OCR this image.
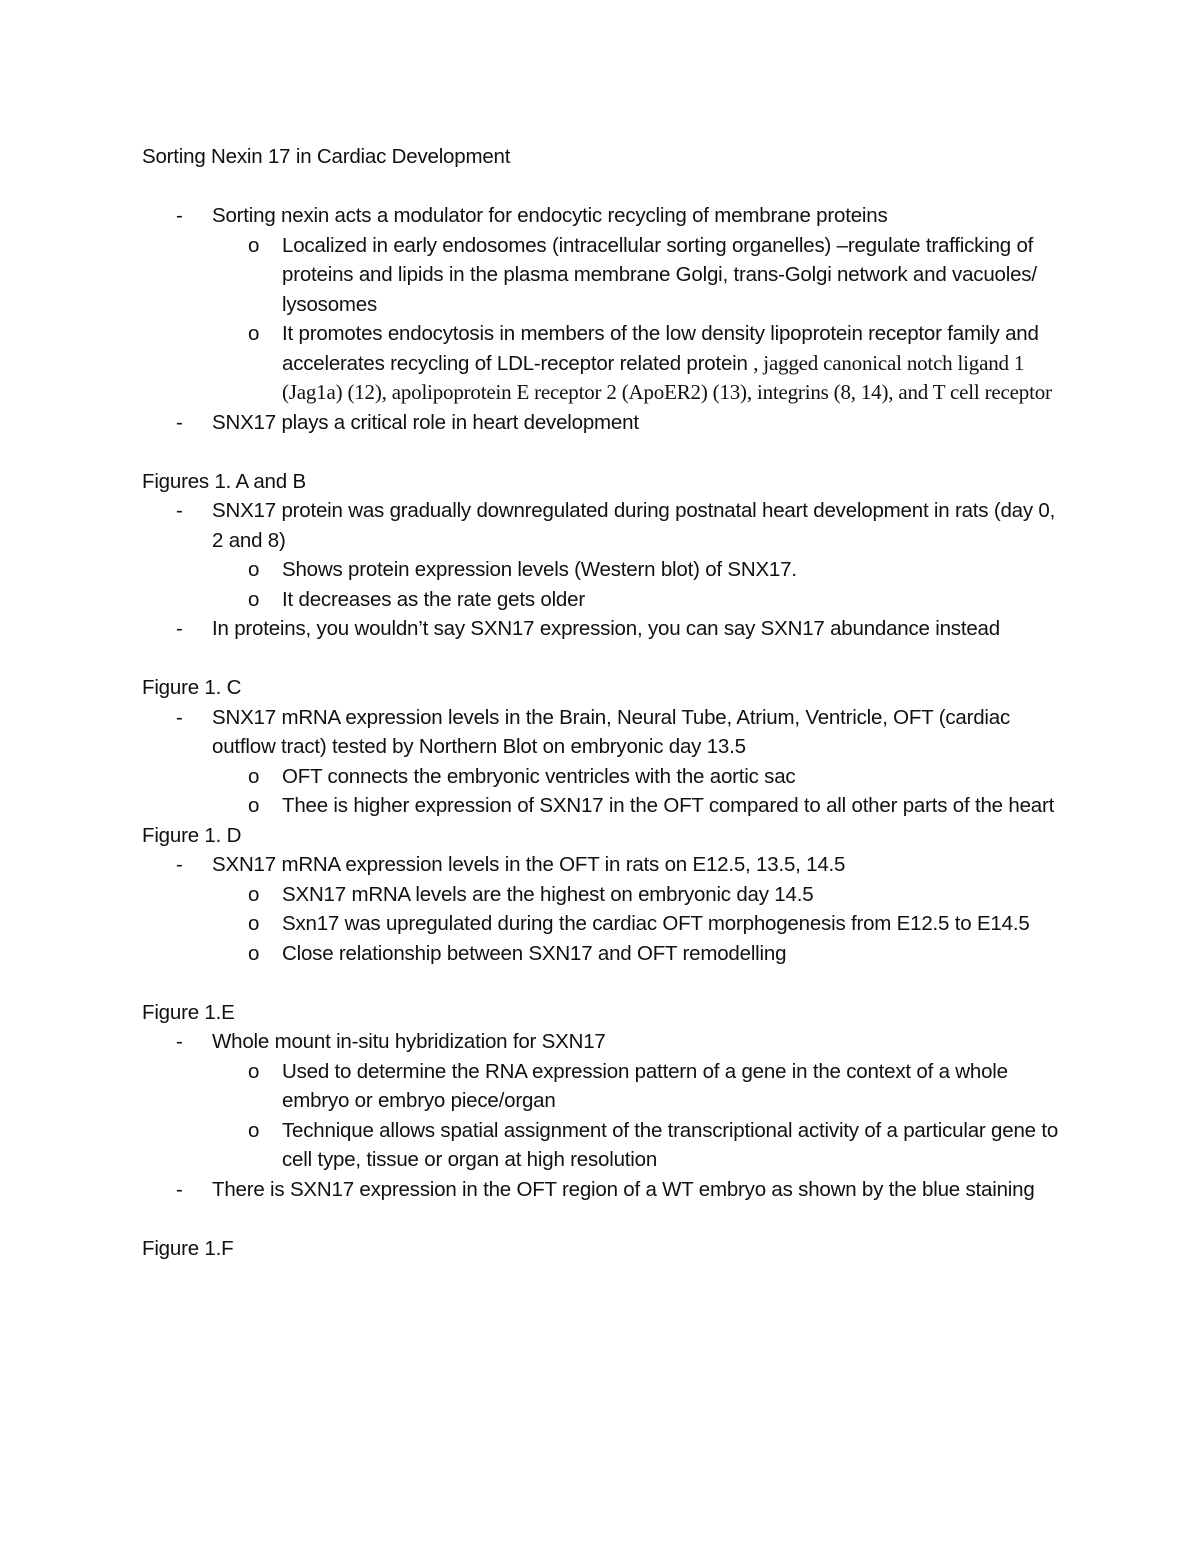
Sorting Nexin 17 in Cardiac Development
- Sorting nexin acts a modulator for endocytic recycling of membrane proteins
o Localized in early endosomes (intracellular sorting organelles) –regulate trafficking of proteins and lipids in the plasma membrane Golgi, trans-Golgi network and vacuoles/ lysosomes
o It promotes endocytosis in members of the low density lipoprotein receptor family and accelerates recycling of LDL-receptor related protein , jagged canonical notch ligand 1 (Jag1a) (12), apolipoprotein E receptor 2 (ApoER2) (13), integrins (8, 14), and T cell receptor
- SNX17 plays a critical role in heart development
Figures 1. A and B
- SNX17 protein was gradually downregulated during postnatal heart development in rats (day 0, 2 and 8)
o Shows protein expression levels (Western blot) of SNX17.
o It decreases as the rate gets older
- In proteins, you wouldn’t say SXN17 expression, you can say SXN17 abundance instead
Figure 1. C
- SNX17 mRNA expression levels in the Brain, Neural Tube, Atrium, Ventricle, OFT (cardiac outflow tract) tested by Northern Blot on embryonic day 13.5
o OFT connects the embryonic ventricles with the aortic sac
o Thee is higher expression of SXN17 in the OFT compared to all other parts of the heart
Figure 1. D
- SXN17 mRNA expression levels in the OFT in rats on E12.5, 13.5, 14.5
o SXN17 mRNA levels are the highest on embryonic day 14.5
o Sxn17 was upregulated during the cardiac OFT morphogenesis from E12.5 to E14.5
o Close relationship between SXN17 and OFT remodelling
Figure 1.E
- Whole mount in-situ hybridization for SXN17
o Used to determine the RNA expression pattern of a gene in the context of a whole embryo or embryo piece/organ
o Technique allows spatial assignment of the transcriptional activity of a particular gene to cell type, tissue or organ at high resolution
- There is SXN17 expression in the OFT region of a WT embryo as shown by the blue staining
Figure 1.F
